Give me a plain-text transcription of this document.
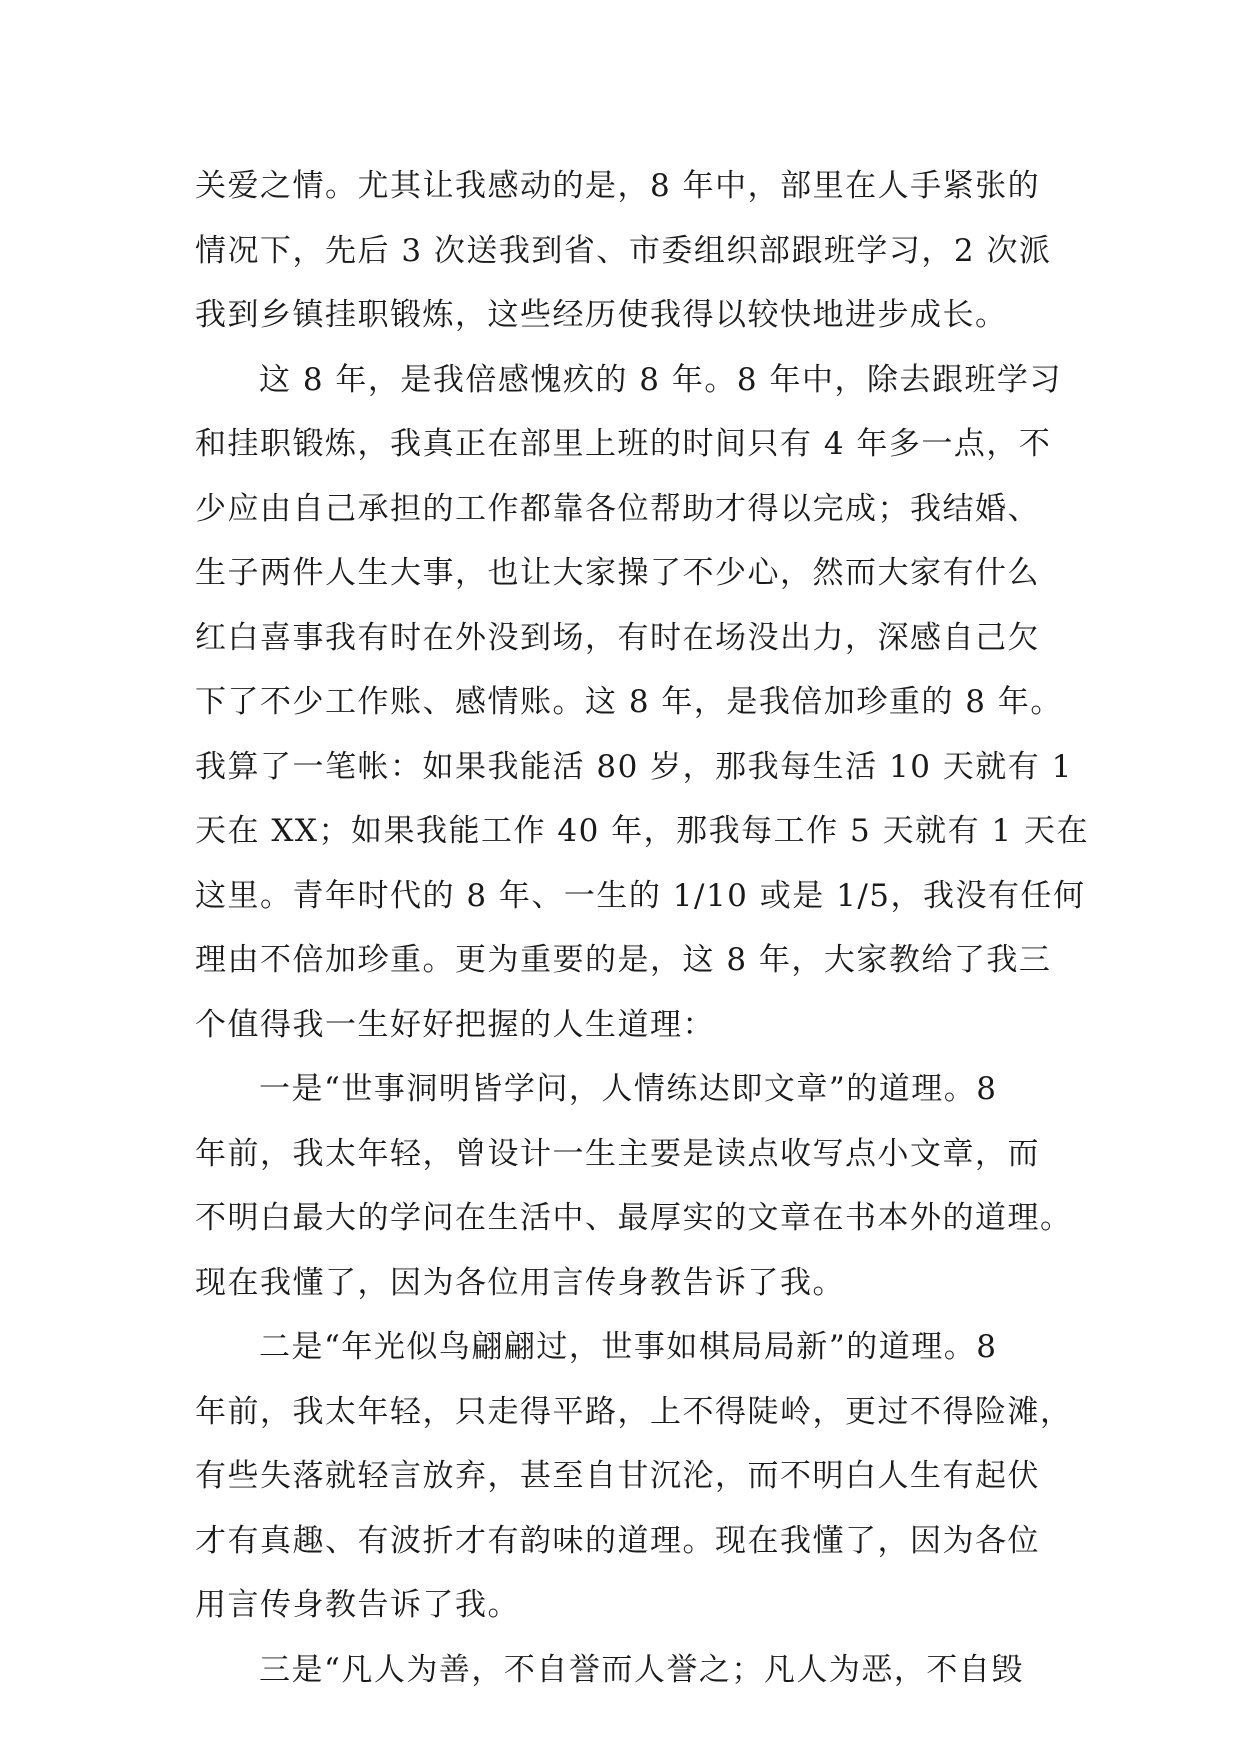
关爱之情。尤其让我感动的是，8 年中，部里在人手紧张的
情况下，先后 3 次送我到省、市委组织部跟班学习，2 次派
我到乡镇挂职锻炼，这些经历使我得以较快地进步成长。
这 8 年，是我倍感愧疚的 8 年。8 年中，除去跟班学习
和挂职锻炼，我真正在部里上班的时间只有 4 年多一点，不
少应由自己承担的工作都靠各位帮助才得以完成；我结婚、
生子两件人生大事，也让大家操了不少心，然而大家有什么
红白喜事我有时在外没到场，有时在场没出力，深感自己欠
下了不少工作账、感情账。这 8 年，是我倍加珍重的 8 年。
我算了一笔帐：如果我能活 80 岁，那我每生活 10 天就有 1
天在 XX；如果我能工作 40 年，那我每工作 5 天就有 1 天在
这里。青年时代的 8 年、一生的 1/10 或是 1/5，我没有任何
理由不倍加珍重。更为重要的是，这 8 年，大家教给了我三
个值得我一生好好把握的人生道理：
一是“世事洞明皆学问，人情练达即文章”的道理。8
年前，我太年轻，曾设计一生主要是读点收写点小文章，而
不明白最大的学问在生活中、最厚实的文章在书本外的道理。
现在我懂了，因为各位用言传身教告诉了我。
二是“年光似鸟翩翩过，世事如棋局局新”的道理。8
年前，我太年轻，只走得平路，上不得陡岭，更过不得险滩，
有些失落就轻言放弃，甚至自甘沉沦，而不明白人生有起伏
才有真趣、有波折才有韵味的道理。现在我懂了，因为各位
用言传身教告诉了我。
三是“凡人为善，不自誉而人誉之；凡人为恶，不自毁
